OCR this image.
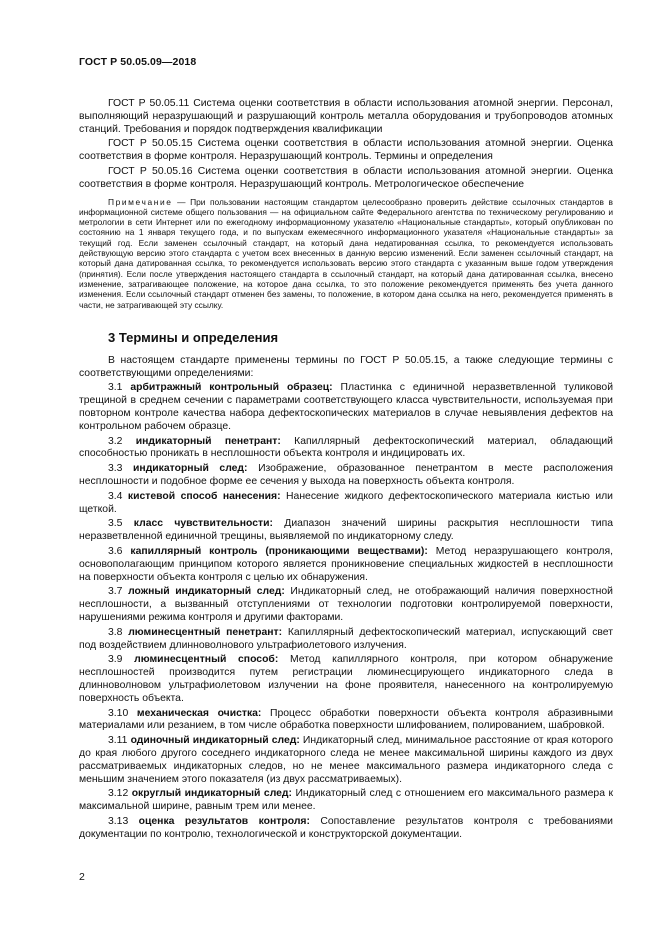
ГОСТ Р 50.05.09—2018

ГОСТ Р 50.05.11 Система оценки соответствия в области использования атомной энергии. Персонал, выполняющий неразрушающий и разрушающий контроль металла оборудования и трубопроводов атомных станций. Требования и порядок подтверждения квалификации

ГОСТ Р 50.05.15 Система оценки соответствия в области использования атомной энергии. Оценка соответствия в форме контроля. Неразрушающий контроль. Термины и определения

ГОСТ Р 50.05.16 Система оценки соответствия в области использования атомной энергии. Оценка соответствия в форме контроля. Неразрушающий контроль. Метрологическое обеспечение

Примечание — При пользовании настоящим стандартом целесообразно проверить действие ссылочных стандартов в информационной системе общего пользования — на официальном сайте Федерального агентства по техническому регулированию и метрологии в сети Интернет или по ежегодному информационному указателю «Национальные стандарты», который опубликован по состоянию на 1 января текущего года, и по выпускам ежемесячного информационного указателя «Национальные стандарты» за текущий год. Если заменен ссылочный стандарт, на который дана недатированная ссылка, то рекомендуется использовать действующую версию этого стандарта с учетом всех внесенных в данную версию изменений. Если заменен ссылочный стандарт, на который дана датированная ссылка, то рекомендуется использовать версию этого стандарта с указанным выше годом утверждения (принятия). Если после утверждения настоящего стандарта в ссылочный стандарт, на который дана датированная ссылка, внесено изменение, затрагивающее положение, на которое дана ссылка, то это положение рекомендуется применять без учета данного изменения. Если ссылочный стандарт отменен без замены, то положение, в котором дана ссылка на него, рекомендуется применять в части, не затрагивающей эту ссылку.

3 Термины и определения

В настоящем стандарте применены термины по ГОСТ Р 50.05.15, а также следующие термины с соответствующими определениями:

3.1 арбитражный контрольный образец: Пластинка с единичной неразветвленной туликовой трещиной в среднем сечении с параметрами соответствующего класса чувствительности, используемая при повторном контроле качества набора дефектоскопических материалов в случае невыявления дефектов на контрольном рабочем образце.

3.2 индикаторный пенетрант: Капиллярный дефектоскопический материал, обладающий способностью проникать в несплошности объекта контроля и индицировать их.

3.3 индикаторный след: Изображение, образованное пенетрантом в месте расположения несплошности и подобное форме ее сечения у выхода на поверхность объекта контроля.

3.4 кистевой способ нанесения: Нанесение жидкого дефектоскопического материала кистью или щеткой.

3.5 класс чувствительности: Диапазон значений ширины раскрытия несплошности типа неразветвленной единичной трещины, выявляемой по индикаторному следу.

3.6 капиллярный контроль (проникающими веществами): Метод неразрушающего контроля, основополагающим принципом которого является проникновение специальных жидкостей в несплошности на поверхности объекта контроля с целью их обнаружения.

3.7 ложный индикаторный след: Индикаторный след, не отображающий наличия поверхностной несплошности, а вызванный отступлениями от технологии подготовки контролируемой поверхности, нарушениями режима контроля и другими факторами.

3.8 люминесцентный пенетрант: Капиллярный дефектоскопический материал, испускающий свет под воздействием длинноволнового ультрафиолетового излучения.

3.9 люминесцентный способ: Метод капиллярного контроля, при котором обнаружение несплошностей производится путем регистрации люминесцирующего индикаторного следа в длинноволновом ультрафиолетовом излучении на фоне проявителя, нанесенного на контролируемую поверхность объекта.

3.10 механическая очистка: Процесс обработки поверхности объекта контроля абразивными материалами или резанием, в том числе обработка поверхности шлифованием, полированием, шабровкой.

3.11 одиночный индикаторный след: Индикаторный след, минимальное расстояние от края которого до края любого другого соседнего индикаторного следа не менее максимальной ширины каждого из двух рассматриваемых индикаторных следов, но не менее максимального размера индикаторного следа с меньшим значением этого показателя (из двух рассматриваемых).

3.12 округлый индикаторный след: Индикаторный след с отношением его максимального размера к максимальной ширине, равным трем или менее.

3.13 оценка результатов контроля: Сопоставление результатов контроля с требованиями документации по контролю, технологической и конструкторской документации.

2
